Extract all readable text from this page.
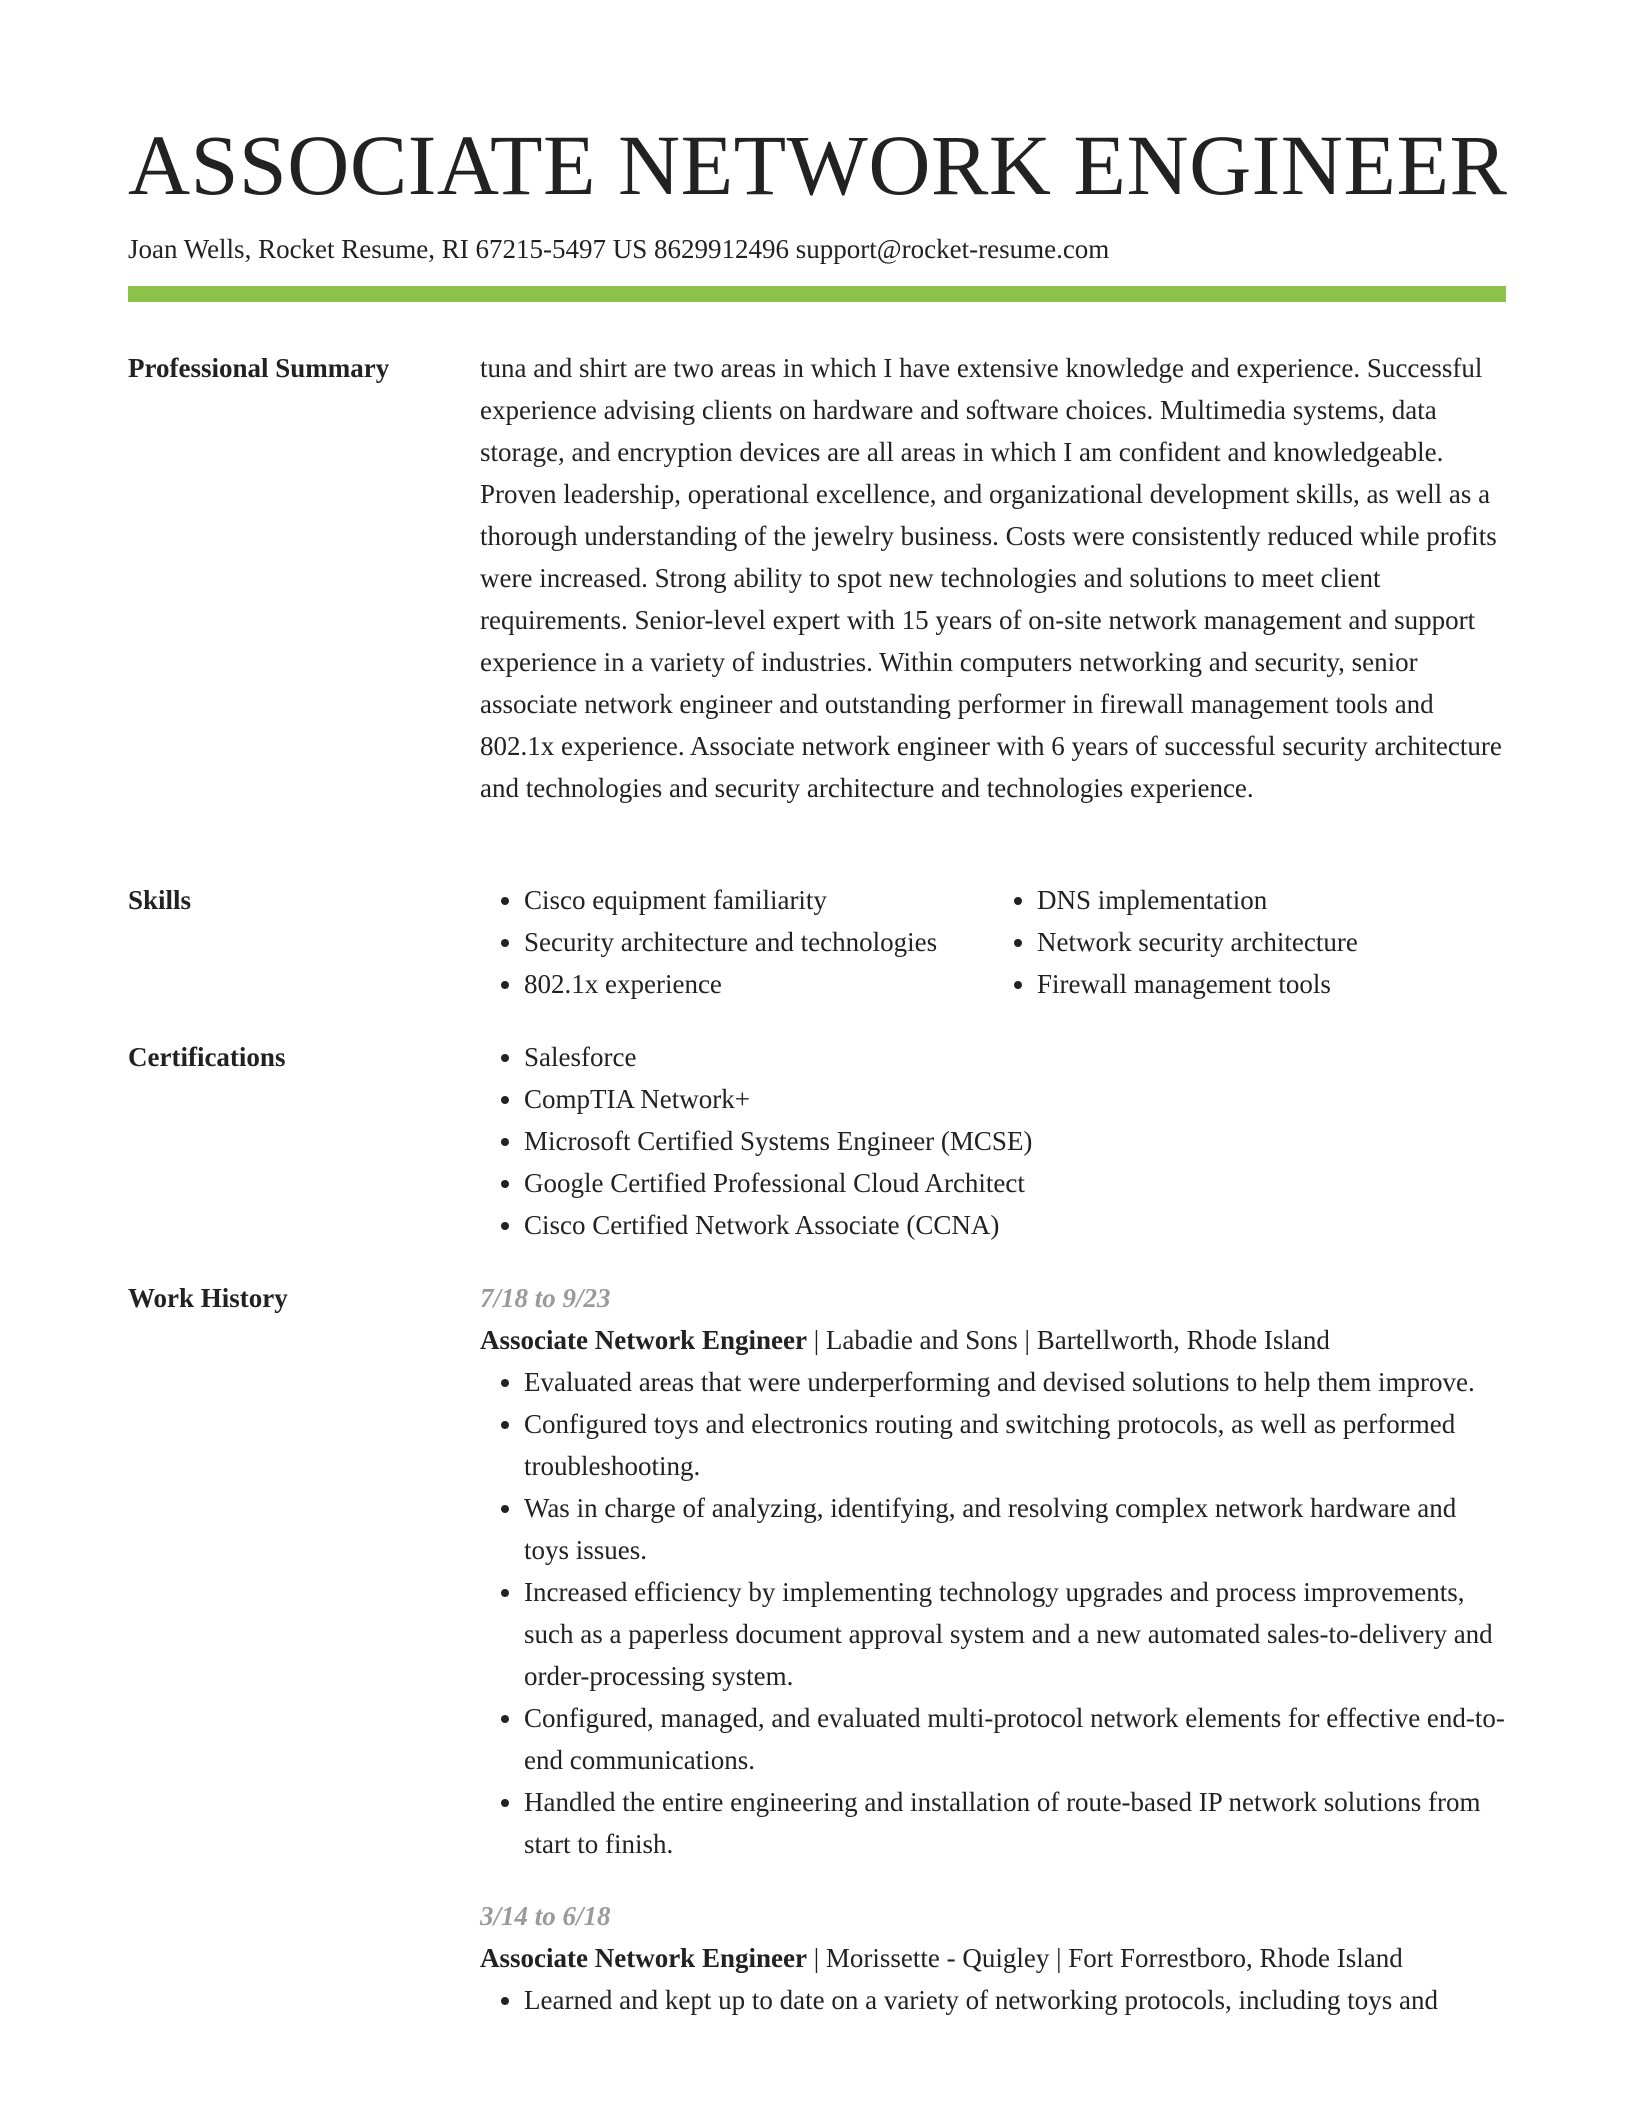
ASSOCIATE NETWORK ENGINEER
Joan Wells, Rocket Resume, RI 67215-5497 US 8629912496 support@rocket-resume.com
Professional Summary	tuna and shirt are two areas in which I have extensive knowledge and experience. Successful experience advising clients on hardware and software choices. Multimedia systems, data storage, and encryption devices are all areas in which I am confident and knowledgeable. Proven leadership, operational excellence, and organizational development skills, as well as a thorough understanding of the jewelry business. Costs were consistently reduced while profits were increased. Strong ability to spot new technologies and solutions to meet client requirements. Senior-level expert with 15 years of on-site network management and support experience in a variety of industries. Within computers networking and security, senior associate network engineer and outstanding performer in firewall management tools and 802.1x experience. Associate network engineer with 6 years of successful security architecture and technologies and security architecture and technologies experience.

Skills	• Cisco equipment familiarity
• Security architecture and technologies
• 802.1x experience
• DNS implementation
• Network security architecture
• Firewall management tools
Certifications	• Salesforce
• CompTIA Network+
• Microsoft Certified Systems Engineer (MCSE)
• Google Certified Professional Cloud Architect
• Cisco Certified Network Associate (CCNA)
Work History	7/18 to 9/23
Associate Network Engineer | Labadie and Sons | Bartellworth, Rhode Island
• Evaluated areas that were underperforming and devised solutions to help them improve.
• Configured toys and electronics routing and switching protocols, as well as performed troubleshooting.
• Was in charge of analyzing, identifying, and resolving complex network hardware and toys issues.
• Increased efficiency by implementing technology upgrades and process improvements, such as a paperless document approval system and a new automated sales-to-delivery and order-processing system.
• Configured, managed, and evaluated multi-protocol network elements for effective end-to-end communications.
• Handled the entire engineering and installation of route-based IP network solutions from start to finish.
3/14 to 6/18
Associate Network Engineer | Morissette - Quigley | Fort Forrestboro, Rhode Island
• Learned and kept up to date on a variety of networking protocols, including toys and
